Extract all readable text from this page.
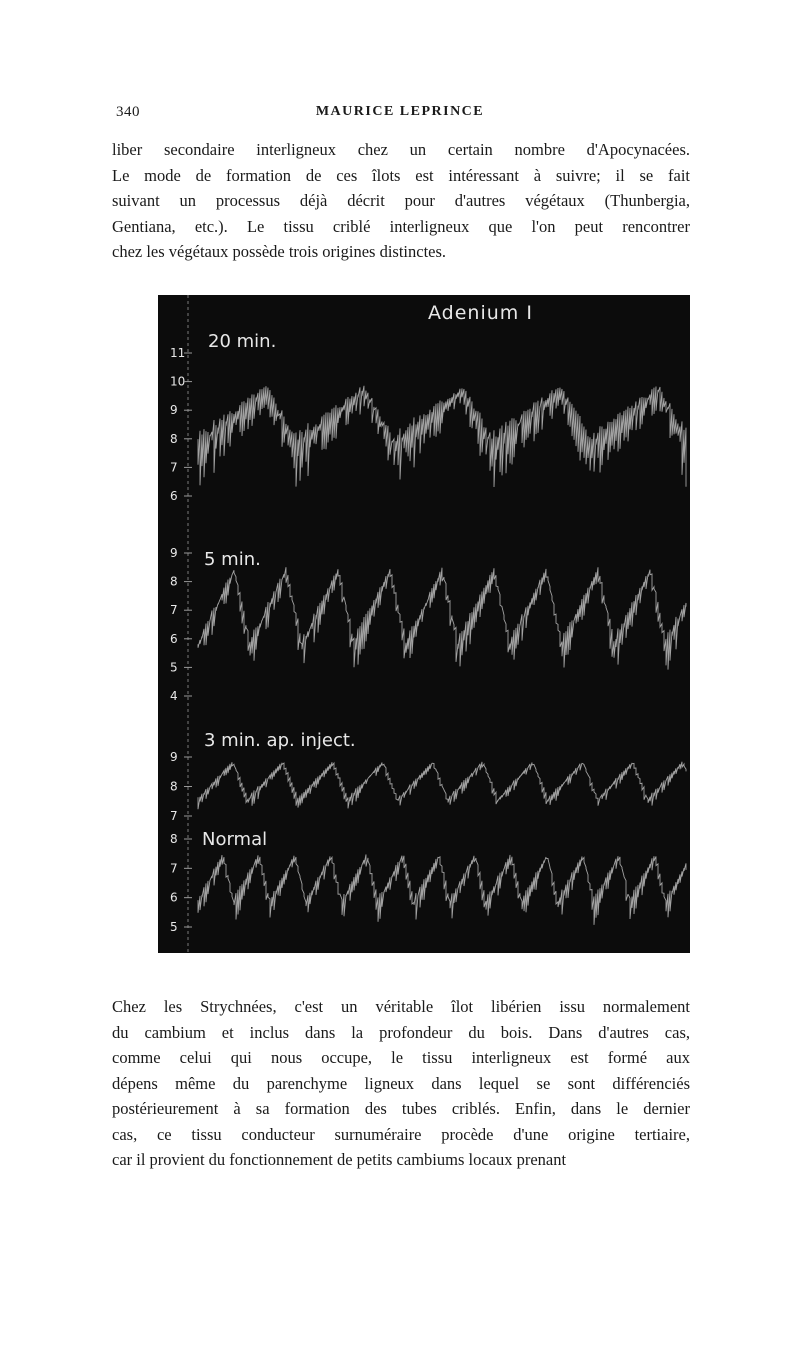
340	MAURICE LEPRINCE
liber secondaire interligneux chez un certain nombre d'Apocynacées.
Le mode de formation de ces îlots est intéressant à suivre; il se fait
suivant un processus déjà décrit pour d'autres végétaux (Thunbergia,
Gentiana, etc.). Le tissu criblé interligneux que l'on peut rencontrer
chez les végétaux possède trois origines distinctes.
Adenium I
20 min.
5 min.
3 min. ap. inject.
Normal
11
10
9
8
7
6
9
8
7
6
5
4
9
8
7
8
7
6
5
Chez les Strychnées, c'est un véritable îlot libérien issu normalement
du cambium et inclus dans la profondeur du bois. Dans d'autres cas,
comme celui qui nous occupe, le tissu interligneux est formé aux
dépens même du parenchyme ligneux dans lequel se sont différenciés
postérieurement à sa formation des tubes criblés. Enfin, dans le dernier
cas, ce tissu conducteur surnuméraire procède d'une origine tertiaire,
car il provient du fonctionnement de petits cambiums locaux prenant
